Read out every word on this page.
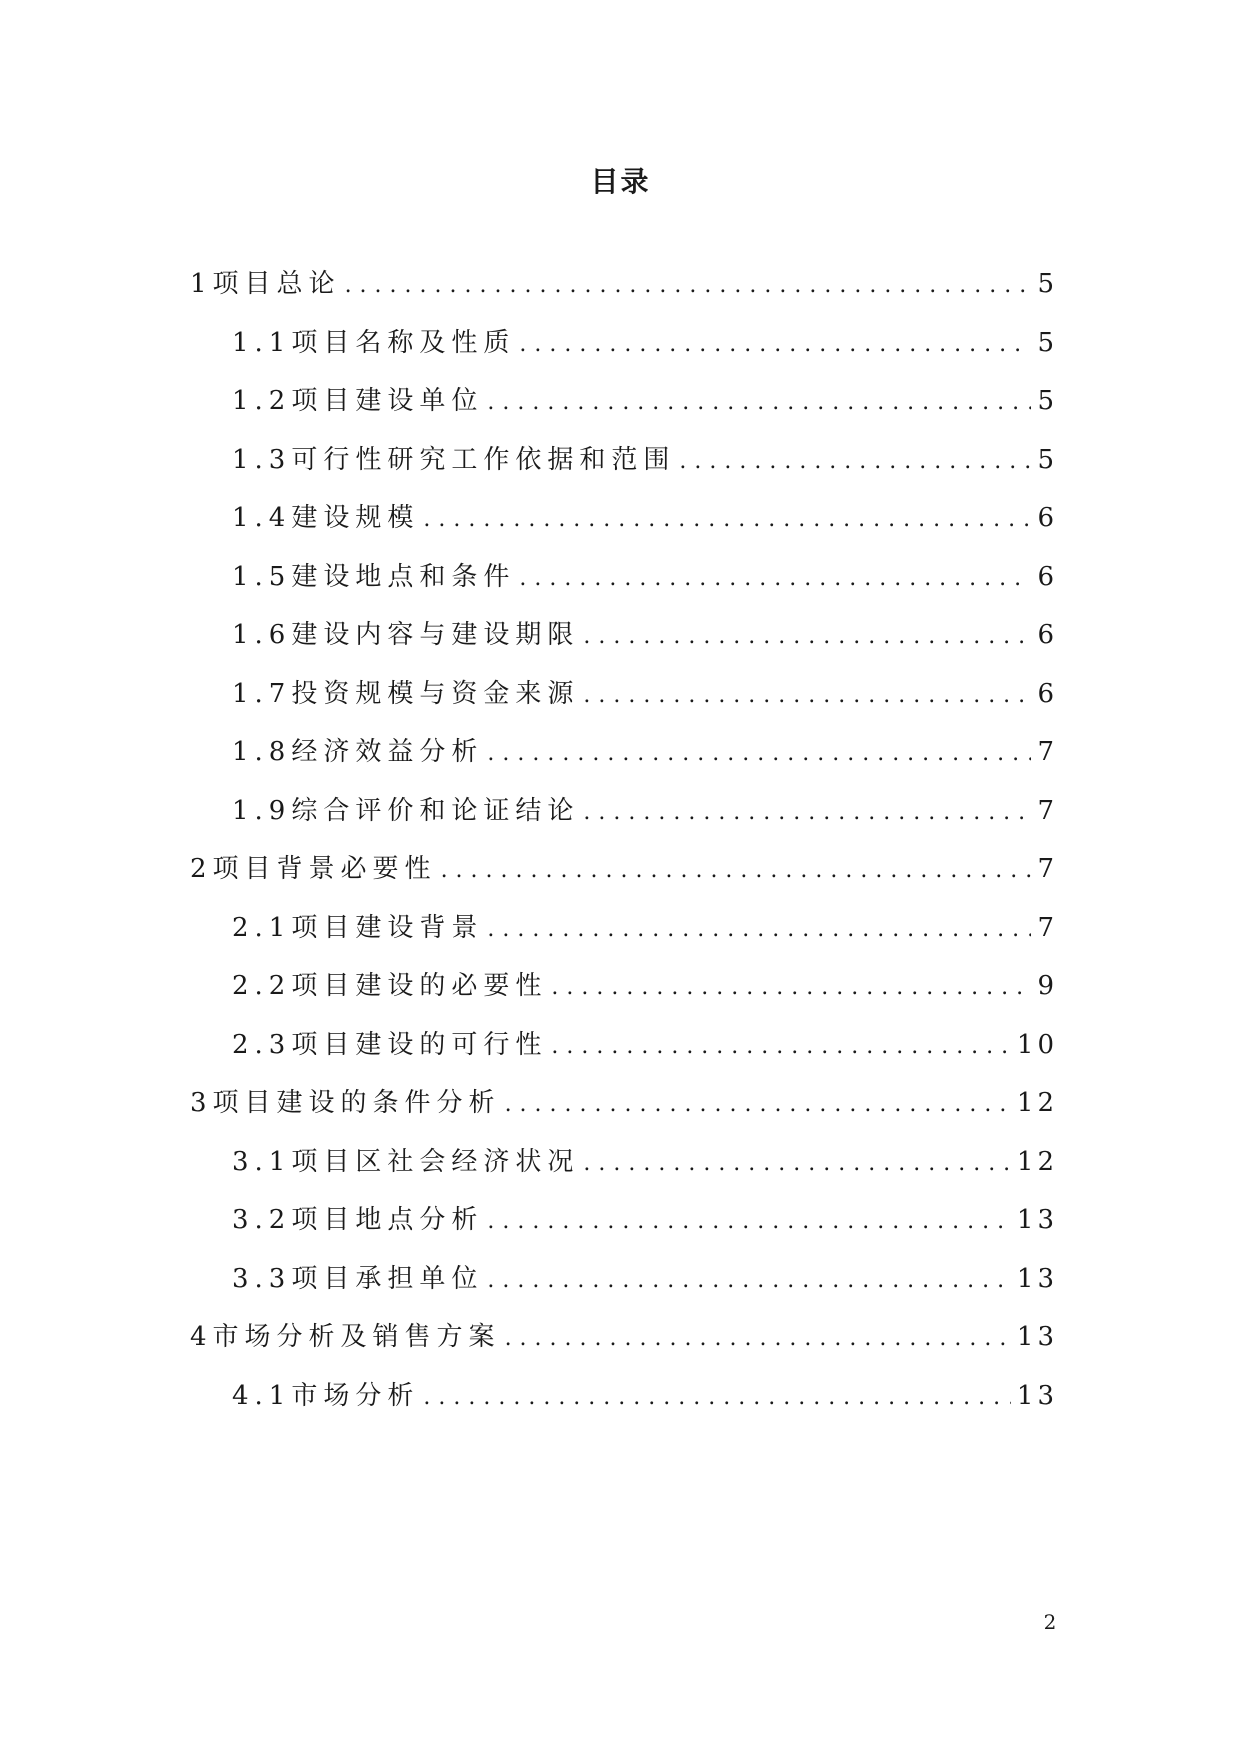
目录
1 项目总论 .....	5
1.1 项目名称及性质 .....	5
1.2 项目建设单位 .....	5
1.3 可行性研究工作依据和范围 .....	5
1.4 建设规模 .....	6
1.5 建设地点和条件 .....	6
1.6 建设内容与建设期限 .....	6
1.7 投资规模与资金来源 .....	6
1.8 经济效益分析 .....	7
1.9 综合评价和论证结论 .....	7
2 项目背景必要性 .....	7
2.1 项目建设背景 .....	7
2.2 项目建设的必要性 .....	9
2.3 项目建设的可行性 .....	10
3 项目建设的条件分析 .....	12
3.1 项目区社会经济状况 .....	12
3.2 项目地点分析 .....	13
3.3 项目承担单位 .....	13
4 市场分析及销售方案 .....	13
4.1 市场分析 .....	13
2
